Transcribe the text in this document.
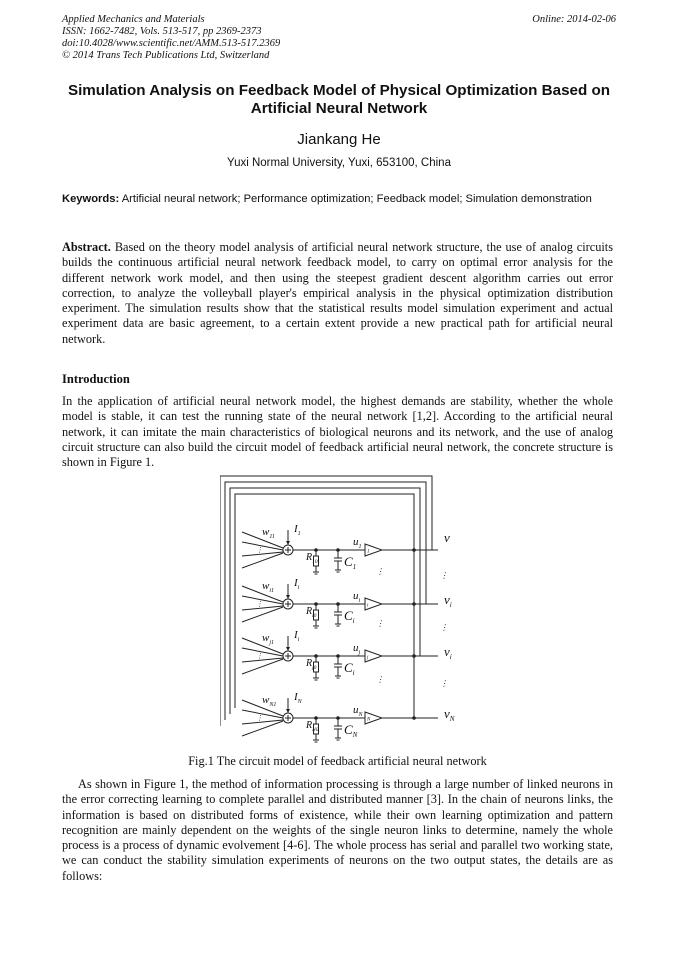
Applied Mechanics and Materials
ISSN: 1662-7482, Vols. 513-517, pp 2369-2373
doi:10.4028/www.scientific.net/AMM.513-517.2369
© 2014 Trans Tech Publications Ltd, Switzerland
Online: 2014-02-06
Simulation Analysis on Feedback Model of Physical Optimization Based on Artificial Neural Network
Jiankang He
Yuxi Normal University, Yuxi, 653100, China
Keywords: Artificial neural network; Performance optimization; Feedback model; Simulation demonstration
Abstract. Based on the theory model analysis of artificial neural network structure, the use of analog circuits builds the continuous artificial neural network feedback model, to carry on optimal error analysis for the different network work model, and then using the steepest gradient descent algorithm carries out error correction, to analyze the volleyball player's empirical analysis in the physical optimization distribution experiment. The simulation results show that the statistical results model simulation experiment and actual experiment data are basic agreement, to a certain extent provide a new practical path for artificial neural network.
Introduction
In the application of artificial neural network model, the highest demands are stability, whether the whole model is stable, it can test the running state of the neural network [1,2]. According to the artificial neural network, it can imitate the main characteristics of biological neurons and its network, and the use of analog circuit structure can also build the circuit model of feedback artificial neural network, the concrete structure is shown in Figure 1.
⋮	1
$w_{11}$
$I_1$
$R_{10}$
$u_1$
$C_1$
v
⋮	i
$w_{i1}$
$I_i$
$R_{i0}$
$u_i$
$C_i$
$v_i$
⋮	j
$w_{j1}$
$I_i$
$R_{j0}$
$u_j$
$C_i$
$v_i$
⋮	N
$w_{N1}$
$I_N$
$R_{N0}$
$u_N$
$C_N$
$v_N$
⋮
⋮
⋮
⋮
⋮
⋮
Fig.1 The circuit model of feedback artificial neural network
As shown in Figure 1, the method of information processing is through a large number of linked neurons in the error correcting learning to complete parallel and distributed manner [3]. In the chain of neurons links, the information is based on distributed forms of existence, while their own learning optimization and pattern recognition are mainly dependent on the weights of the single neuron links to determine, namely the whole process is a process of dynamic evolvement [4-6]. The whole process has serial and parallel two working state, we can conduct the stability simulation experiments of neurons on the two output states, the details are as follows:
